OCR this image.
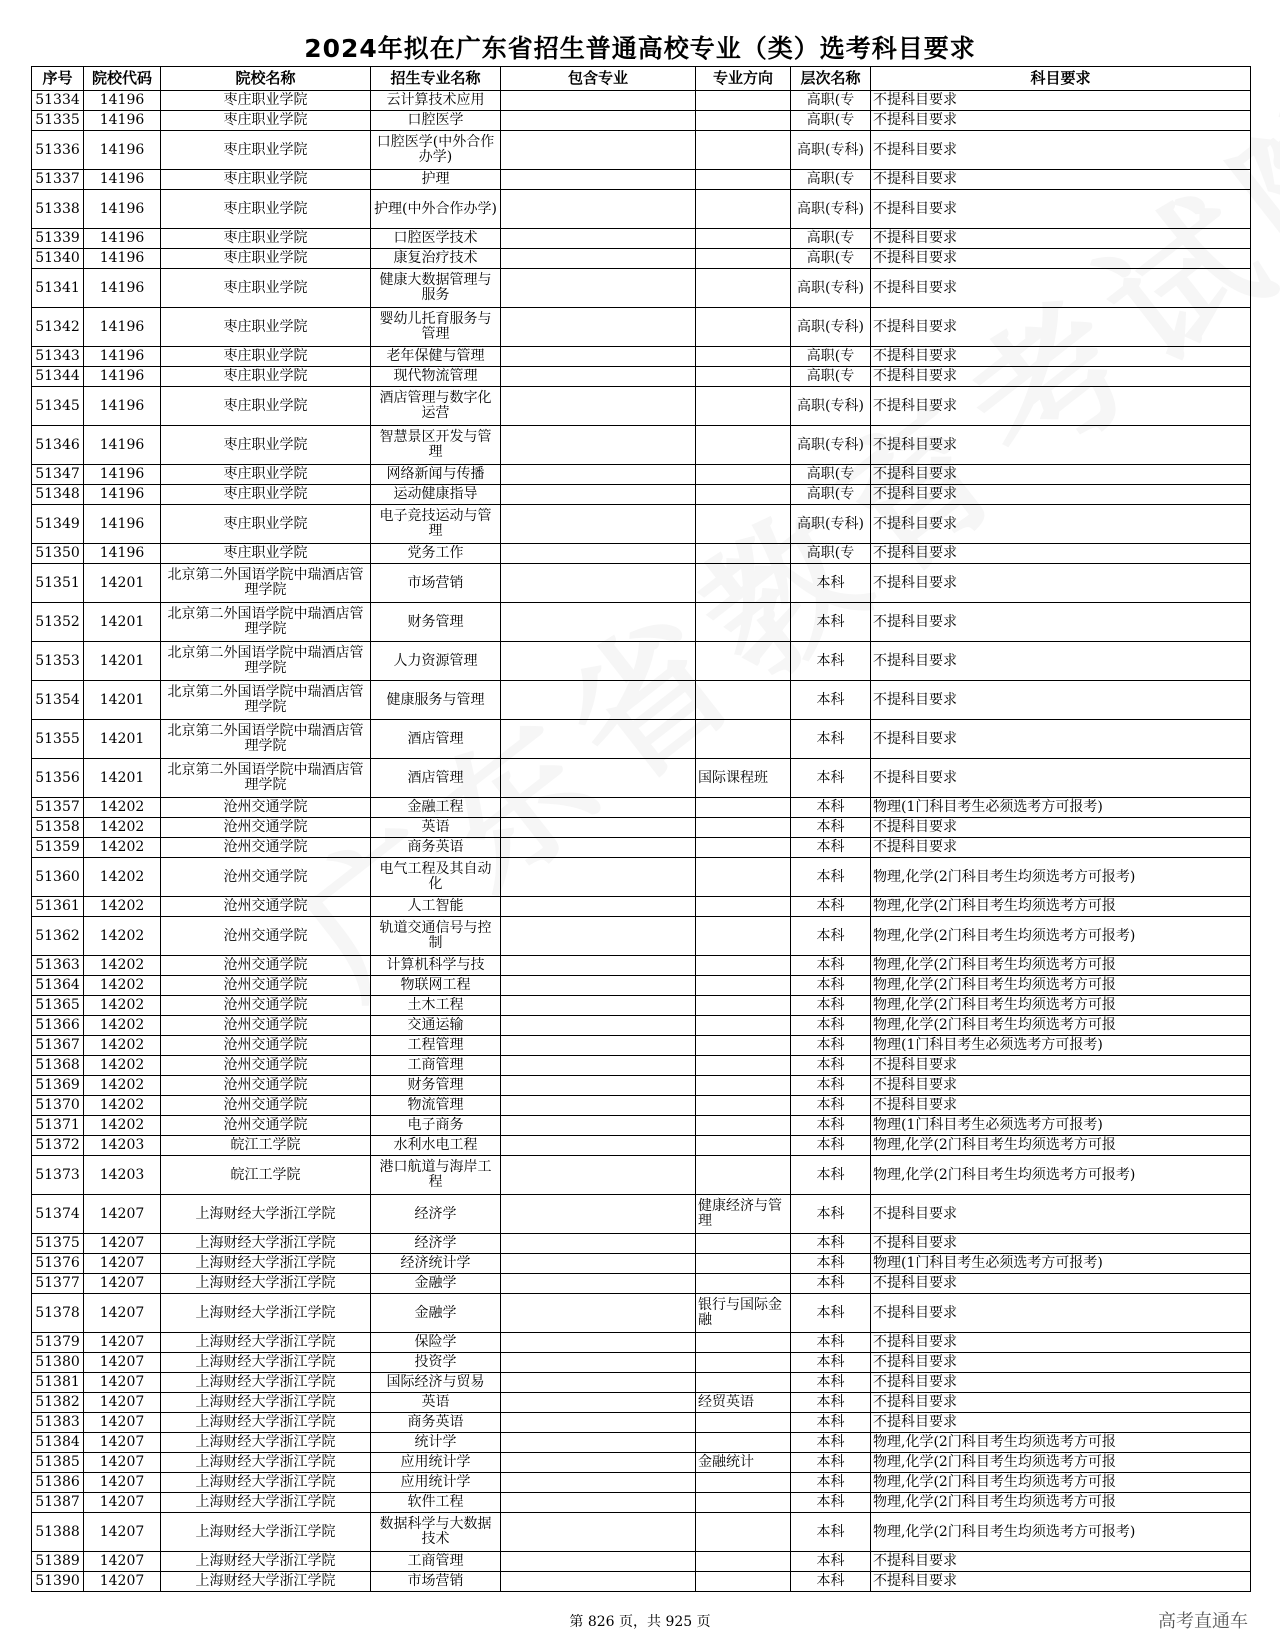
2024年拟在广东省招生普通高校专业（类）选考科目要求
序号	院校代码	院校名称	招生专业名称	包含专业	专业方向	层次名称	科目要求
51334	14196	枣庄职业学院	云计算技术应用			高职(专	不提科目要求
51335	14196	枣庄职业学院	口腔医学			高职(专	不提科目要求
51336	14196	枣庄职业学院	口腔医学(中外合作办学)			高职(专科)	不提科目要求
51337	14196	枣庄职业学院	护理			高职(专	不提科目要求
51338	14196	枣庄职业学院	护理(中外合作办学)			高职(专科)	不提科目要求
51339	14196	枣庄职业学院	口腔医学技术			高职(专	不提科目要求
51340	14196	枣庄职业学院	康复治疗技术			高职(专	不提科目要求
51341	14196	枣庄职业学院	健康大数据管理与服务			高职(专科)	不提科目要求
51342	14196	枣庄职业学院	婴幼儿托育服务与管理			高职(专科)	不提科目要求
51343	14196	枣庄职业学院	老年保健与管理			高职(专	不提科目要求
51344	14196	枣庄职业学院	现代物流管理			高职(专	不提科目要求
51345	14196	枣庄职业学院	酒店管理与数字化运营			高职(专科)	不提科目要求
51346	14196	枣庄职业学院	智慧景区开发与管理			高职(专科)	不提科目要求
51347	14196	枣庄职业学院	网络新闻与传播			高职(专	不提科目要求
51348	14196	枣庄职业学院	运动健康指导			高职(专	不提科目要求
51349	14196	枣庄职业学院	电子竞技运动与管理			高职(专科)	不提科目要求
51350	14196	枣庄职业学院	党务工作			高职(专	不提科目要求
51351	14201	北京第二外国语学院中瑞酒店管理学院	市场营销			本科	不提科目要求
51352	14201	北京第二外国语学院中瑞酒店管理学院	财务管理			本科	不提科目要求
51353	14201	北京第二外国语学院中瑞酒店管理学院	人力资源管理			本科	不提科目要求
51354	14201	北京第二外国语学院中瑞酒店管理学院	健康服务与管理			本科	不提科目要求
51355	14201	北京第二外国语学院中瑞酒店管理学院	酒店管理			本科	不提科目要求
51356	14201	北京第二外国语学院中瑞酒店管理学院	酒店管理		国际课程班	本科	不提科目要求
51357	14202	沧州交通学院	金融工程			本科	物理(1门科目考生必须选考方可报考)
51358	14202	沧州交通学院	英语			本科	不提科目要求
51359	14202	沧州交通学院	商务英语			本科	不提科目要求
51360	14202	沧州交通学院	电气工程及其自动化			本科	物理,化学(2门科目考生均须选考方可报考)
51361	14202	沧州交通学院	人工智能			本科	物理,化学(2门科目考生均须选考方可报
51362	14202	沧州交通学院	轨道交通信号与控制			本科	物理,化学(2门科目考生均须选考方可报考)
51363	14202	沧州交通学院	计算机科学与技			本科	物理,化学(2门科目考生均须选考方可报
51364	14202	沧州交通学院	物联网工程			本科	物理,化学(2门科目考生均须选考方可报
51365	14202	沧州交通学院	土木工程			本科	物理,化学(2门科目考生均须选考方可报
51366	14202	沧州交通学院	交通运输			本科	物理,化学(2门科目考生均须选考方可报
51367	14202	沧州交通学院	工程管理			本科	物理(1门科目考生必须选考方可报考)
51368	14202	沧州交通学院	工商管理			本科	不提科目要求
51369	14202	沧州交通学院	财务管理			本科	不提科目要求
51370	14202	沧州交通学院	物流管理			本科	不提科目要求
51371	14202	沧州交通学院	电子商务			本科	物理(1门科目考生必须选考方可报考)
51372	14203	皖江工学院	水利水电工程			本科	物理,化学(2门科目考生均须选考方可报
51373	14203	皖江工学院	港口航道与海岸工程			本科	物理,化学(2门科目考生均须选考方可报考)
51374	14207	上海财经大学浙江学院	经济学		健康经济与管理	本科	不提科目要求
51375	14207	上海财经大学浙江学院	经济学			本科	不提科目要求
51376	14207	上海财经大学浙江学院	经济统计学			本科	物理(1门科目考生必须选考方可报考)
51377	14207	上海财经大学浙江学院	金融学			本科	不提科目要求
51378	14207	上海财经大学浙江学院	金融学		银行与国际金融	本科	不提科目要求
51379	14207	上海财经大学浙江学院	保险学			本科	不提科目要求
51380	14207	上海财经大学浙江学院	投资学			本科	不提科目要求
51381	14207	上海财经大学浙江学院	国际经济与贸易			本科	不提科目要求
51382	14207	上海财经大学浙江学院	英语		经贸英语	本科	不提科目要求
51383	14207	上海财经大学浙江学院	商务英语			本科	不提科目要求
51384	14207	上海财经大学浙江学院	统计学			本科	物理,化学(2门科目考生均须选考方可报
51385	14207	上海财经大学浙江学院	应用统计学		金融统计	本科	物理,化学(2门科目考生均须选考方可报
51386	14207	上海财经大学浙江学院	应用统计学			本科	物理,化学(2门科目考生均须选考方可报
51387	14207	上海财经大学浙江学院	软件工程			本科	物理,化学(2门科目考生均须选考方可报
51388	14207	上海财经大学浙江学院	数据科学与大数据技术			本科	物理,化学(2门科目考生均须选考方可报考)
51389	14207	上海财经大学浙江学院	工商管理			本科	不提科目要求
51390	14207	上海财经大学浙江学院	市场营销			本科	不提科目要求
第 826 页，共 925 页	高考直通车
